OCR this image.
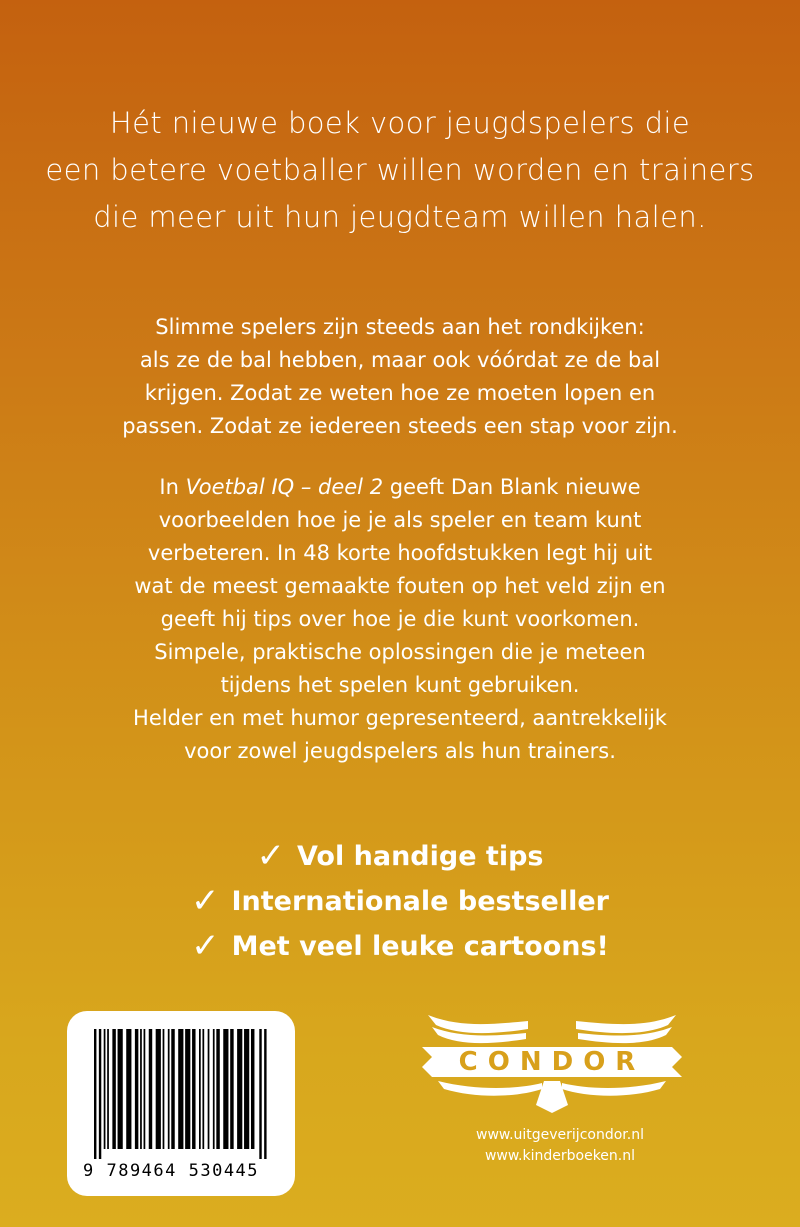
Hét nieuwe boek voor jeugdspelers die
een betere voetballer willen worden en trainers
die meer uit hun jeugdteam willen halen.

Slimme spelers zijn steeds aan het rondkijken:
als ze de bal hebben, maar ook vóórdat ze de bal
krijgen. Zodat ze weten hoe ze moeten lopen en
passen. Zodat ze iedereen steeds een stap voor zijn.

In Voetbal IQ – deel 2 geeft Dan Blank nieuwe
voorbeelden hoe je je als speler en team kunt
verbeteren. In 48 korte hoofdstukken legt hij uit
wat de meest gemaakte fouten op het veld zijn en
geeft hij tips over hoe je die kunt voorkomen.
Simpele, praktische oplossingen die je meteen
tijdens het spelen kunt gebruiken.
Helder en met humor gepresenteerd, aantrekkelijk
voor zowel jeugdspelers als hun trainers.

✓ Vol handige tips
✓ Internationale bestseller
✓ Met veel leuke cartoons!
9 789464 530445
CONDOR
www.uitgeverijcondor.nl
www.kinderboeken.nl
